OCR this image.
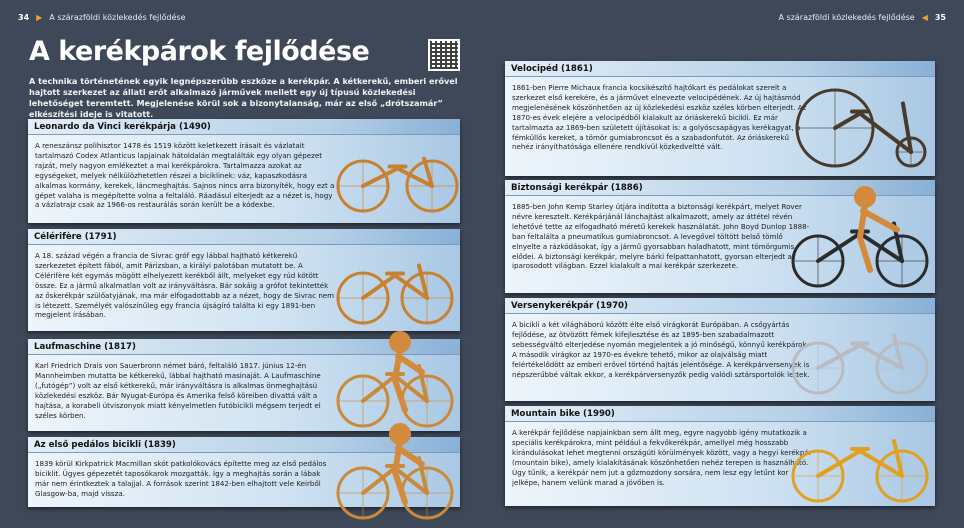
34 ▶ A szárazföldi közlekedés fejlődése	A szárazföldi közlekedés fejlődése ◀ 35
A kerékpárok fejlődése
A technika történetének egyik legnépszerűbb eszköze a kerékpár. A kétkerekű, emberi erővel hajtott szerkezet az állati erőt alkalmazó járművek mellett egy új típusú közlekedési lehetőséget teremtett. Megjelenése körül sok a bizonytalanság, már az első „drótszamár” elkészítési ideje is vitatott.
Leonardo da Vinci kerékpárja (1490)

A reneszánsz polihisztor 1478 és 1519 között keletkezett írásait és vázlatait tartalmazó Codex Atlanticus lapjainak hátoldalán megtalálták egy olyan gépezet rajzát, mely nagyon emlékeztet a mai kerékpárokra. Tartalmazza azokat az egységeket, melyek nélkülözhetetlen részei a biciklinek: váz, kapaszkodásra alkalmas kormány, kerekek, láncmeghajtás. Sajnos nincs arra bizonyíték, hogy ezt a gépet valaha is megépítette volna a feltaláló. Ráadásul elterjedt az a nézet is, hogy a vázlatrajz csak az 1966-os restaurálás során került be a kódexbe.

Célérifère (1791)

A 18. század végén a francia de Sivrac gróf egy lábbal hajtható kétkerekű szerkezetet épített fából, amit Párizsban, a királyi palotában mutatott be. A Célérifère két egymás mögött elhelyezett kerékből állt, melyeket egy rúd kötött össze. Ez a jármű alkalmatlan volt az irányváltásra. Bár sokáig a grófot tekintették az őskerékpár szülőatyjának, ma már elfogadottabb az a nézet, hogy de Sivrac nem is létezett. Személyét valószínűleg egy francia újságíró találta ki egy 1891-ben megjelent írásában.

Laufmaschine (1817)

Karl Friedrich Drais von Sauerbronn német báró, feltaláló 1817. június 12-én Mannheimben mutatta be kétkerekű, lábbal hajtható masinaját. A Laufmaschine („futógép”) volt az első kétkerekű, már irányváltásra is alkalmas önmeghajtású közlekedési eszköz. Bár Nyugat-Európa és Amerika felső köreiben divattá vált a hajtása, a korabeli útviszonyok miatt kényelmetlen futóbicikli mégsem terjedt el széles körben.

Az első pedálos bicikli (1839)

1839 körül Kirkpatrick Macmillan skót patkolókovács építette meg az első pedálos biciklit. Ügyes gépezetét taposókarok mozgatták. Így a meghajtás során a lábak már nem érintkeztek a talajjal. A források szerint 1842-ben elhajtott vele Keirből Glasgow-ba, majd vissza.

Velocipéd (1861)

1861-ben Pierre Michaux francia kocsikészítő hajtókart és pedálokat szerelt a szerkezet első kerekére, és a járművet elnevezte velocipédének. Az új hajtásmód megjelenésének köszönhetően az új közlekedési eszköz széles körben elterjedt. Az 1870-es évek elejére a velocipédből kialakult az óriáskerekű bicikli. Ez már tartalmazta az 1869-ben született újításokat is: a golyóscsapágyas kerékagyat, a fémküllős kereket, a tömör gumiabroncsot és a szabadonfutót. Az óriáskerekű nehéz irányíthatósága ellenére rendkívül közkedveltté vált.

Biztonsági kerékpár (1886)

1885-ben John Kemp Starley útjára indította a biztonsági kerékpárt, melyet Rover névre keresztelt. Kerékpárjánál lánchajtást alkalmazott, amely az áttétel révén lehetővé tette az elfogadható méretű kerekek használatát. John Boyd Dunlop 1888-ban feltalálta a pneumatikus gumiabroncsot. A levegővel töltött belső tömlő elnyelte a rázkódásokat, így a jármű gyorsabban haladhatott, mint tömörgumis elődei. A biztonsági kerékpár, melyre bárki felpattanhatott, gyorsan elterjedt az iparosodott világban. Ezzel kialakult a mai kerékpár szerkezete.

Versenykerékpár (1970)

A bicikli a két világháború között élte első virágkorát Európában. A csőgyártás fejlődése, az ötvözött fémek kifejlesztése és az 1895-ben szabadalmazott sebességváltó elterjedése nyomán megjelentek a jó minőségű, könnyű kerékpárok. A második virágkor az 1970-es évekre tehető, mikor az olajválság miatt felértékelődött az emberi erővel történő hajtás jelentősége. A kerékpárversenyek is népszerűbbé váltak ekkor, a kerékpárversenyzők pedig valódi sztársportolók lettek.

Mountain bike (1990)

A kerékpár fejlődése napjainkban sem állt meg, egyre nagyobb igény mutatkozik a speciális kerékpárokra, mint például a fekvőkerékpár, amellyel még hosszabb kirándulásokat lehet megtenni országúti körülmények között, vagy a hegyi kerékpár (mountain bike), amely kialakításának köszönhetően nehéz terepen is használható. Úgy tűnik, a kerékpár nem jut a gőzmozdony sorsára, nem lesz egy letűnt kor jelképe, hanem velünk marad a jövőben is.
